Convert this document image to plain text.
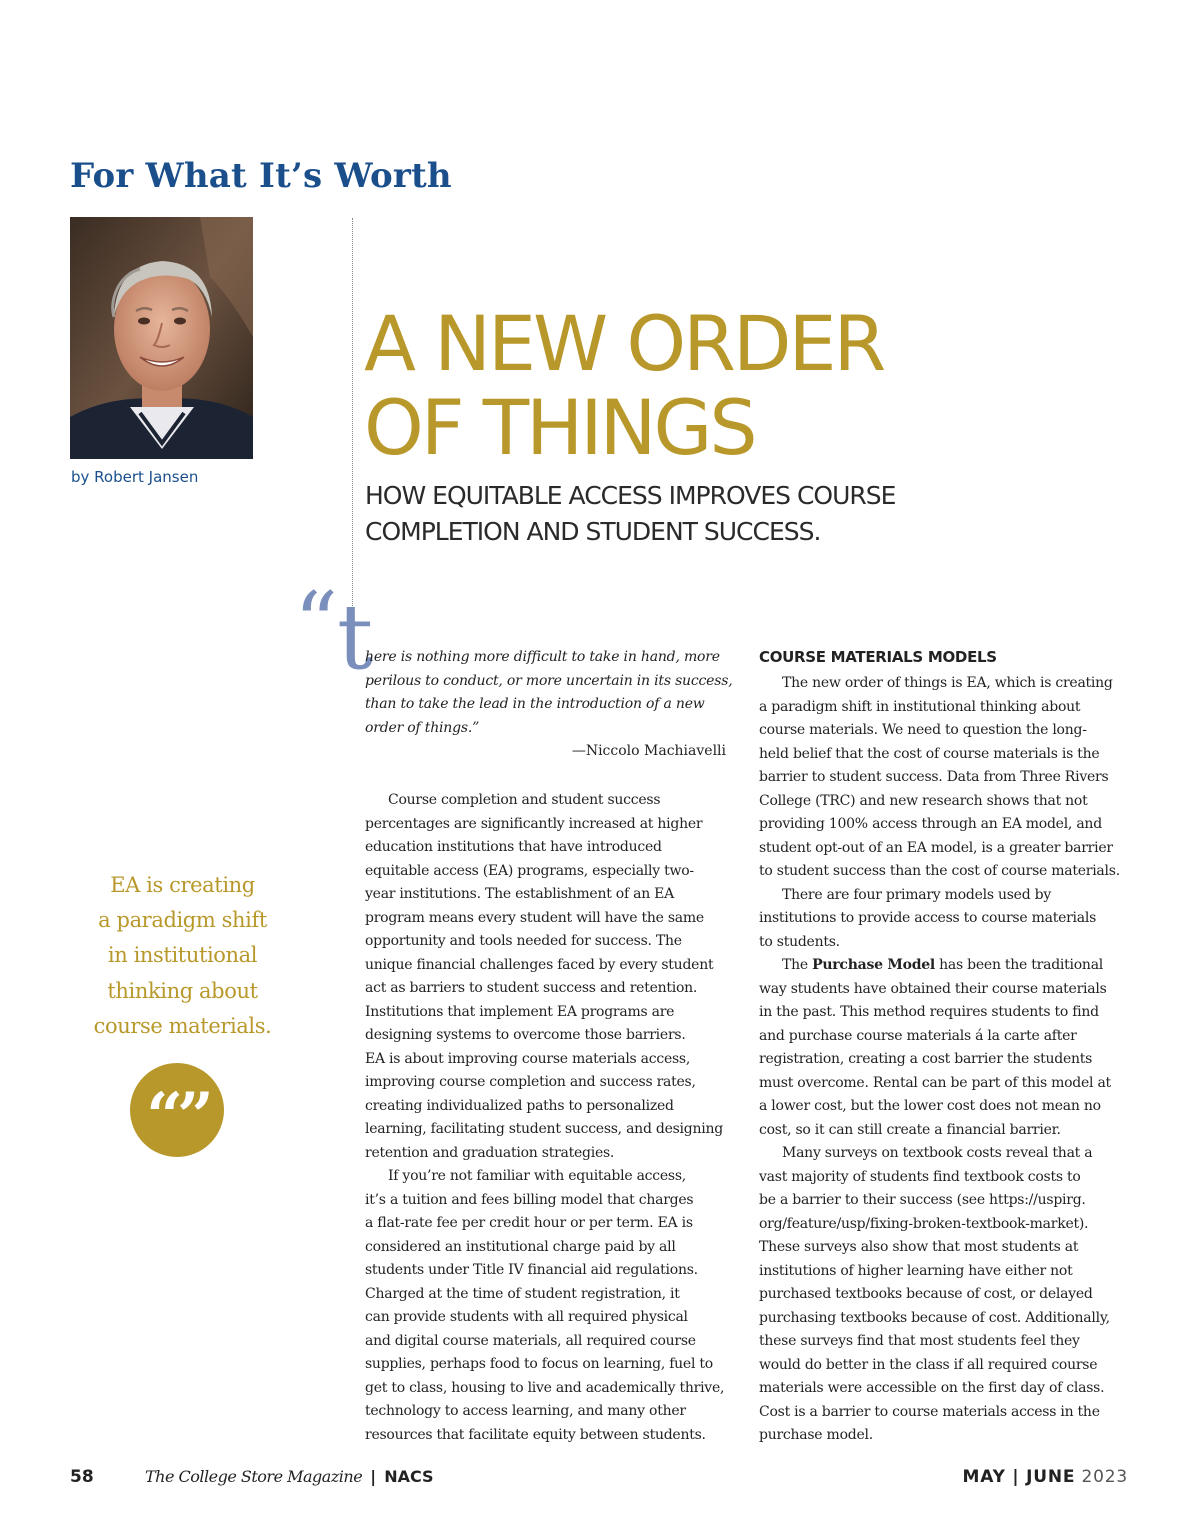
For What It’s Worth
by Robert Jansen
A NEW ORDER
OF THINGS
HOW EQUITABLE ACCESS IMPROVES COURSE
COMPLETION AND STUDENT SUCCESS.
“ t
here is nothing more difficult to take in hand, more
perilous to conduct, or more uncertain in its success,
than to take the lead in the introduction of a new
order of things.”
—Niccolo Machiavelli
EA is creating
a paradigm shift
in institutional
thinking about
course materials.
“”
Course completion and student success
percentages are significantly increased at higher
education institutions that have introduced
equitable access (EA) programs, especially two-
year institutions. The establishment of an EA
program means every student will have the same
opportunity and tools needed for success. The
unique financial challenges faced by every student
act as barriers to student success and retention.
Institutions that implement EA programs are
designing systems to overcome those barriers.
EA is about improving course materials access,
improving course completion and success rates,
creating individualized paths to personalized
learning, facilitating student success, and designing
retention and graduation strategies.
If you’re not familiar with equitable access,
it’s a tuition and fees billing model that charges
a flat-rate fee per credit hour or per term. EA is
considered an institutional charge paid by all
students under Title IV financial aid regulations.
Charged at the time of student registration, it
can provide students with all required physical
and digital course materials, all required course
supplies, perhaps food to focus on learning, fuel to
get to class, housing to live and academically thrive,
technology to access learning, and many other
resources that facilitate equity between students.
COURSE MATERIALS MODELS
The new order of things is EA, which is creating
a paradigm shift in institutional thinking about
course materials. We need to question the long-
held belief that the cost of course materials is the
barrier to student success. Data from Three Rivers
College (TRC) and new research shows that not
providing 100% access through an EA model, and
student opt-out of an EA model, is a greater barrier
to student success than the cost of course materials.
There are four primary models used by
institutions to provide access to course materials
to students.
The Purchase Model has been the traditional
way students have obtained their course materials
in the past. This method requires students to find
and purchase course materials á la carte after
registration, creating a cost barrier the students
must overcome. Rental can be part of this model at
a lower cost, but the lower cost does not mean no
cost, so it can still create a financial barrier.
Many surveys on textbook costs reveal that a
vast majority of students find textbook costs to
be a barrier to their success (see https://uspirg.
org/feature/usp/fixing-broken-textbook-market).
These surveys also show that most students at
institutions of higher learning have either not
purchased textbooks because of cost, or delayed
purchasing textbooks because of cost. Additionally,
these surveys find that most students feel they
would do better in the class if all required course
materials were accessible on the first day of class.
Cost is a barrier to course materials access in the
purchase model.
58	The College Store Magazine | NACS	MAY | JUNE 2023
